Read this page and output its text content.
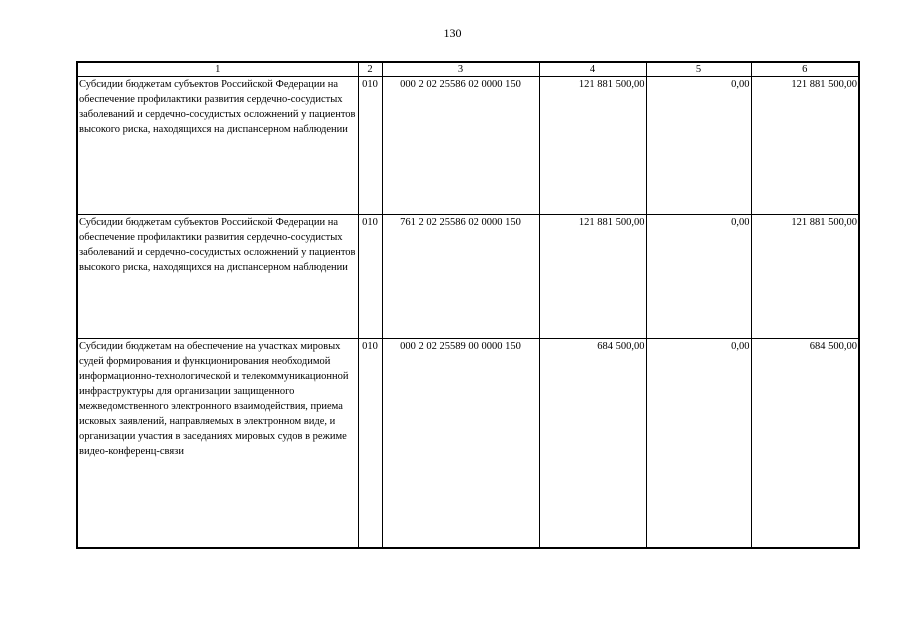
130
1	2	3	4	5	6
Субсидии бюджетам субъектов Российской Федерации на обеспечение профилактики развития сердечно-сосудистых заболеваний и сердечно-сосудистых осложнений у пациентов высокого риска, находящихся на диспансерном наблюдении	010	000 2 02 25586 02 0000 150	121 881 500,00	0,00	121 881 500,00
Субсидии бюджетам субъектов Российской Федерации на обеспечение профилактики развития сердечно-сосудистых заболеваний и сердечно-сосудистых осложнений у пациентов высокого риска, находящихся на диспансерном наблюдении	010	761 2 02 25586 02 0000 150	121 881 500,00	0,00	121 881 500,00
Субсидии бюджетам на обеспечение на участках мировых судей формирования и функционирования необходимой информационно-технологической и телекоммуникационной инфраструктуры для организации защищенного межведомственного электронного взаимодействия, приема исковых заявлений, направляемых в электронном виде, и организации участия в заседаниях мировых судов в режиме видео-конференц-связи	010	000 2 02 25589 00 0000 150	684 500,00	0,00	684 500,00
